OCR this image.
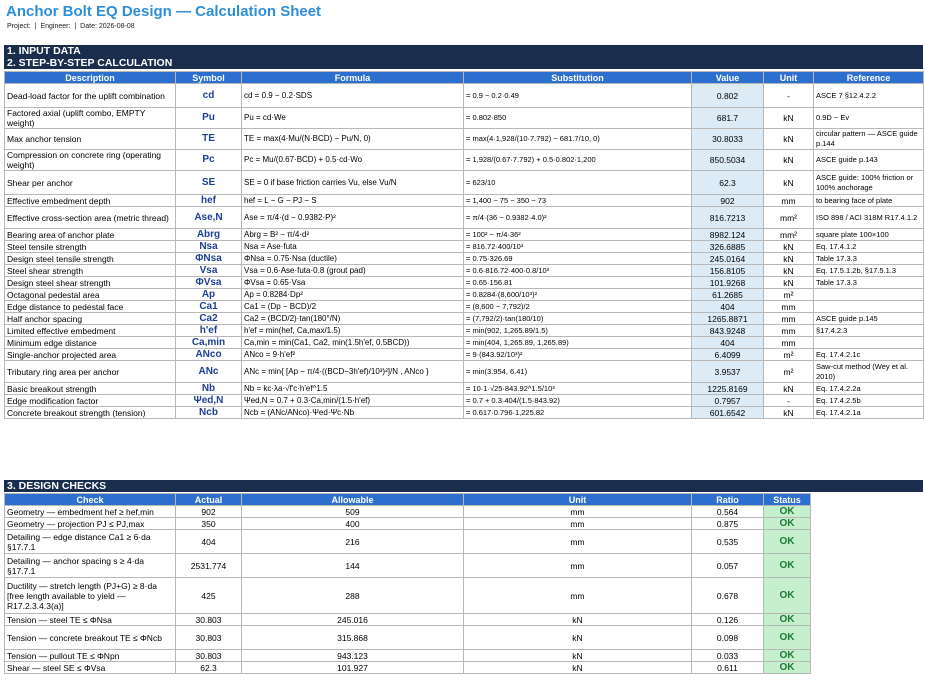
Anchor Bolt EQ Design — Calculation Sheet
Project: | Engineer: | Date: 2026-08-08
1. INPUT DATA
2. STEP-BY-STEP CALCULATION
Description	Symbol	Formula	Substitution	Value	Unit	Reference
Dead-load factor for the uplift combination	cd	cd = 0.9 − 0.2·SDS	= 0.9 − 0.2·0.49	0.802	-	ASCE 7 §12.4.2.2
Factored axial (uplift combo, EMPTY weight)	Pu	Pu = cd·We	= 0.802·850	681.7	kN	0.9D − Ev
Max anchor tension	TE	TE = max(4·Mu/(N·BCD) − Pu/N, 0)	= max(4·1,928/(10·7.792) − 681.7/10, 0)	30.8033	kN	circular pattern — ASCE guide p.144
Compression on concrete ring (operating weight)	Pc	Pc = Mu/(0.67·BCD) + 0.5·cd·Wo	= 1,928/(0.67·7.792) + 0.5·0.802·1,200	850.5034	kN	ASCE guide p.143
Shear per anchor	SE	SE = 0 if base friction carries Vu, else Vu/N	= 623/10	62.3	kN	ASCE guide: 100% friction or 100% anchorage
Effective embedment depth	hef	hef = L − G − PJ − S	= 1,400 − 75 − 350 − 73	902	mm	to bearing face of plate
Effective cross-section area (metric thread)	Ase,N	Ase = π/4·(d − 0.9382·P)²	= π/4·(36 − 0.9382·4.0)²	816.7213	mm²	ISO 898 / ACI 318M R17.4.1.2
Bearing area of anchor plate	Abrg	Abrg = B² − π/4·d²	= 100² − π/4·36²	8982.124	mm²	square plate 100×100
Steel tensile strength	Nsa	Nsa = Ase·futa	= 816.72·400/10³	326.6885	kN	Eq. 17.4.1.2
Design steel tensile strength	ΦNsa	ΦNsa = 0.75·Nsa (ductile)	= 0.75·326.69	245.0164	kN	Table 17.3.3
Steel shear strength	Vsa	Vsa = 0.6·Ase·futa·0.8 (grout pad)	= 0.6·816.72·400·0.8/10³	156.8105	kN	Eq. 17.5.1.2b, §17.5.1.3
Design steel shear strength	ΦVsa	ΦVsa = 0.65·Vsa	= 0.65·156.81	101.9268	kN	Table 17.3.3
Octagonal pedestal area	Ap	Ap = 0.8284·Dp²	= 0.8284·(8,600/10³)²	61.2685	m²	
Edge distance to pedestal face	Ca1	Ca1 = (Dp − BCD)/2	= (8,600 − 7,792)/2	404	mm	
Half anchor spacing	Ca2	Ca2 = (BCD/2)·tan(180°/N)	= (7,792/2)·tan(180/10)	1265.8871	mm	ASCE guide p.145
Limited effective embedment	h'ef	h'ef = min(hef, Ca,max/1.5)	= min(902, 1,265.89/1.5)	843.9248	mm	§17.4.2.3
Minimum edge distance	Ca,min	Ca,min = min(Ca1, Ca2, min(1.5h'ef, 0.5BCD))	= min(404, 1,265.89, 1,265.89)	404	mm	
Single-anchor projected area	ANco	ANco = 9·h'ef²	= 9·(843.92/10³)²	6.4099	m²	Eq. 17.4.2.1c
Tributary ring area per anchor	ANc	ANc = min{ [Ap − π/4·((BCD−3h'ef)/10³)²]/N , ANco }	= min(3.954, 6.41)	3.9537	m²	Saw-cut method (Wey et al. 2010)
Basic breakout strength	Nb	Nb = kc·λa·√f'c·h'ef^1.5	= 10·1·√25·843.92^1.5/10³	1225.8169	kN	Eq. 17.4.2.2a
Edge modification factor	Ψed,N	Ψed,N = 0.7 + 0.3·Ca,min/(1.5·h'ef)	= 0.7 + 0.3·404/(1.5·843.92)	0.7957	-	Eq. 17.4.2.5b
Concrete breakout strength (tension)	Ncb	Ncb = (ANc/ANco)·Ψed·Ψc·Nb	= 0.617·0.796·1,225.82	601.6542	kN	Eq. 17.4.2.1a
3. DESIGN CHECKS
Check	Actual	Allowable	Unit	Ratio	Status
Geometry — embedment hef ≥ hef,min	902	509	mm	0.564	OK
Geometry — projection PJ ≤ PJ,max	350	400	mm	0.875	OK
Detailing — edge distance Ca1 ≥ 6·da §17.7.1	404	216	mm	0.535	OK
Detailing — anchor spacing s ≥ 4·da §17.7.1	2531.774	144	mm	0.057	OK
Ductility — stretch length (PJ+G) ≥ 8·da [free length available to yield — R17.2.3.4.3(a)]	425	288	mm	0.678	OK
Tension — steel TE ≤ ΦNsa	30.803	245.016	kN	0.126	OK
Tension — concrete breakout TE ≤ ΦNcb	30.803	315.868	kN	0.098	OK
Tension — pullout TE ≤ ΦNpn	30.803	943.123	kN	0.033	OK
Shear — steel SE ≤ ΦVsa	62.3	101.927	kN	0.611	OK
